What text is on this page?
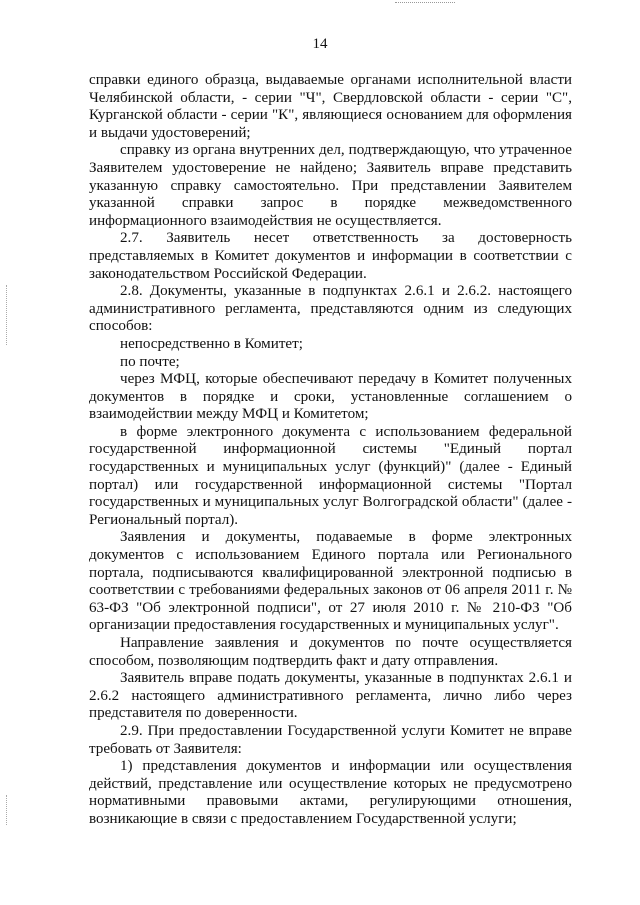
14

справки единого образца, выдаваемые органами исполнительной власти Челябинской области, - серии "Ч", Свердловской области - серии "С", Курганской области - серии "К", являющиеся основанием для оформления и выдачи удостоверений;

справку из органа внутренних дел, подтверждающую, что утраченное Заявителем удостоверение не найдено; Заявитель вправе представить указанную справку самостоятельно. При представлении Заявителем указанной справки запрос в порядке межведомственного информационного взаимодействия не осуществляется.

2.7. Заявитель несет ответственность за достоверность представляемых в Комитет документов и информации в соответствии с законодательством Российской Федерации.

2.8. Документы, указанные в подпунктах 2.6.1 и 2.6.2. настоящего административного регламента, представляются одним из следующих способов:

непосредственно в Комитет;

по почте;

через МФЦ, которые обеспечивают передачу в Комитет полученных документов в порядке и сроки, установленные соглашением о взаимодействии между МФЦ и Комитетом;

в форме электронного документа с использованием федеральной государственной информационной системы "Единый портал государственных и муниципальных услуг (функций)" (далее - Единый портал) или государственной информационной системы "Портал государственных и муниципальных услуг Волгоградской области" (далее - Региональный портал).

Заявления и документы, подаваемые в форме электронных документов с использованием Единого портала или Регионального портала, подписываются квалифицированной электронной подписью в соответствии с требованиями федеральных законов от 06 апреля 2011 г. № 63-ФЗ "Об электронной подписи", от 27 июля 2010 г. № 210-ФЗ "Об организации предоставления государственных и муниципальных услуг".

Направление заявления и документов по почте осуществляется способом, позволяющим подтвердить факт и дату отправления.

Заявитель вправе подать документы, указанные в подпунктах 2.6.1 и 2.6.2 настоящего административного регламента, лично либо через представителя по доверенности.

2.9. При предоставлении Государственной услуги Комитет не вправе требовать от Заявителя:

1) представления документов и информации или осуществления действий, представление или осуществление которых не предусмотрено нормативными правовыми актами, регулирующими отношения, возникающие в связи с предоставлением Государственной услуги;
